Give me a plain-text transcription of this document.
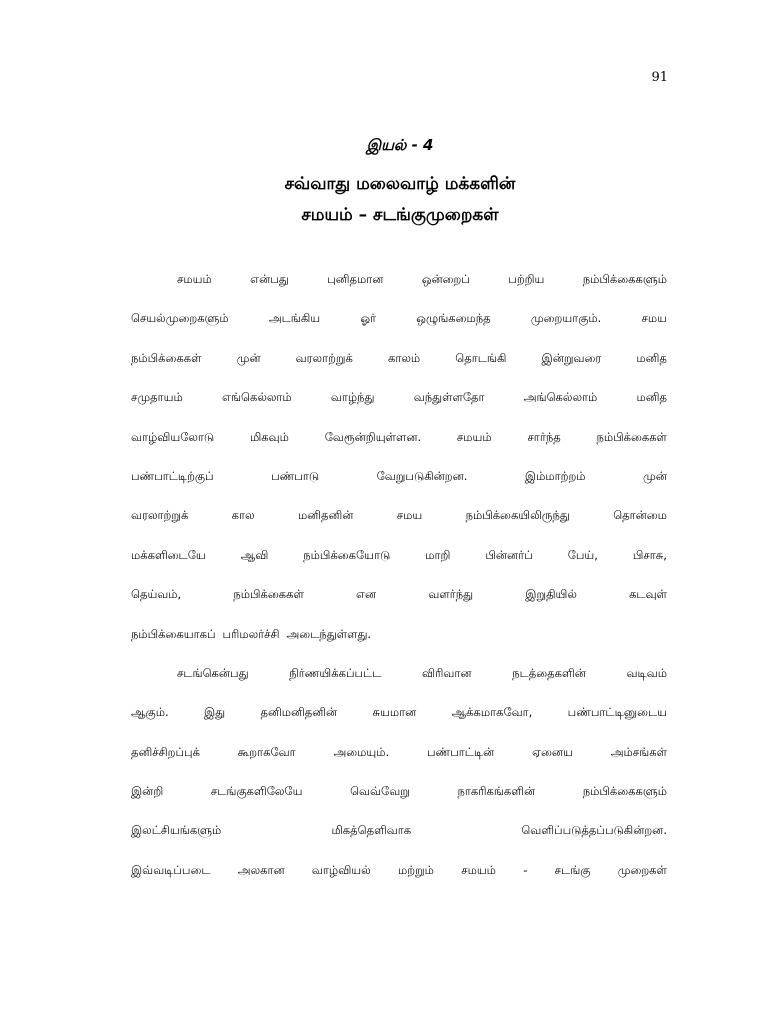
91
இயல் - 4
சவ்வாது மலைவாழ் மக்களின்
சமயம் – சடங்குமுறைகள்
சமயம்	என்பது	புனிதமான	ஒன்றைப்	பற்றிய	நம்பிக்கைகளும்
செயல்முறைகளும்	அடங்கிய	ஓர்	ஒழுங்கமைந்த	முறையாகும்.	சமய
நம்பிக்கைகள்	முன்	வரலாற்றுக்	காலம்	தொடங்கி	இன்றுவரை	மனித
சமுதாயம்	எங்கெல்லாம்	வாழ்ந்து	வந்துள்ளதோ	அங்கெல்லாம்	மனித
வாழ்வியலோடு	மிகவும்	வேரூன்றியுள்ளன.	சமயம்	சார்ந்த	நம்பிக்கைகள்
பண்பாட்டிற்குப்	பண்பாடு	வேறுபடுகின்றன.	இம்மாற்றம்	முன்
வரலாற்றுக்	கால	மனிதனின்	சமய	நம்பிக்கையிலிருந்து	தொன்மை
மக்களிடையே	ஆவி	நம்பிக்கையோடு	மாறி	பின்னர்ப்	பேய்,	பிசாசு,
தெய்வம்,	நம்பிக்கைகள்	என	வளர்ந்து	இறுதியில்	கடவுள்
நம்பிக்கையாகப் பரிமலர்ச்சி அடைந்துள்ளது.
சடங்கென்பது	நிர்ணயிக்கப்பட்ட	விரிவான	நடத்தைகளின்	வடிவம்
ஆகும்.	இது	தனிமனிதனின்	சுயமான	ஆக்கமாகவோ,	பண்பாட்டினுடைய
தனிச்சிறப்புக்	கூறாகவோ	அமையும்.	பண்பாட்டின்	ஏனைய	அம்சங்கள்
இன்றி	சடங்குகளிலேயே	வெவ்வேறு	நாகரிகங்களின்	நம்பிக்கைகளும்
இலட்சியங்களும்	மிகத்தெளிவாக	வெளிப்படுத்தப்படுகின்றன.
இவ்வடிப்படை அலகான வாழ்வியல் மற்றும் சமயம் - சடங்கு முறைகள்
